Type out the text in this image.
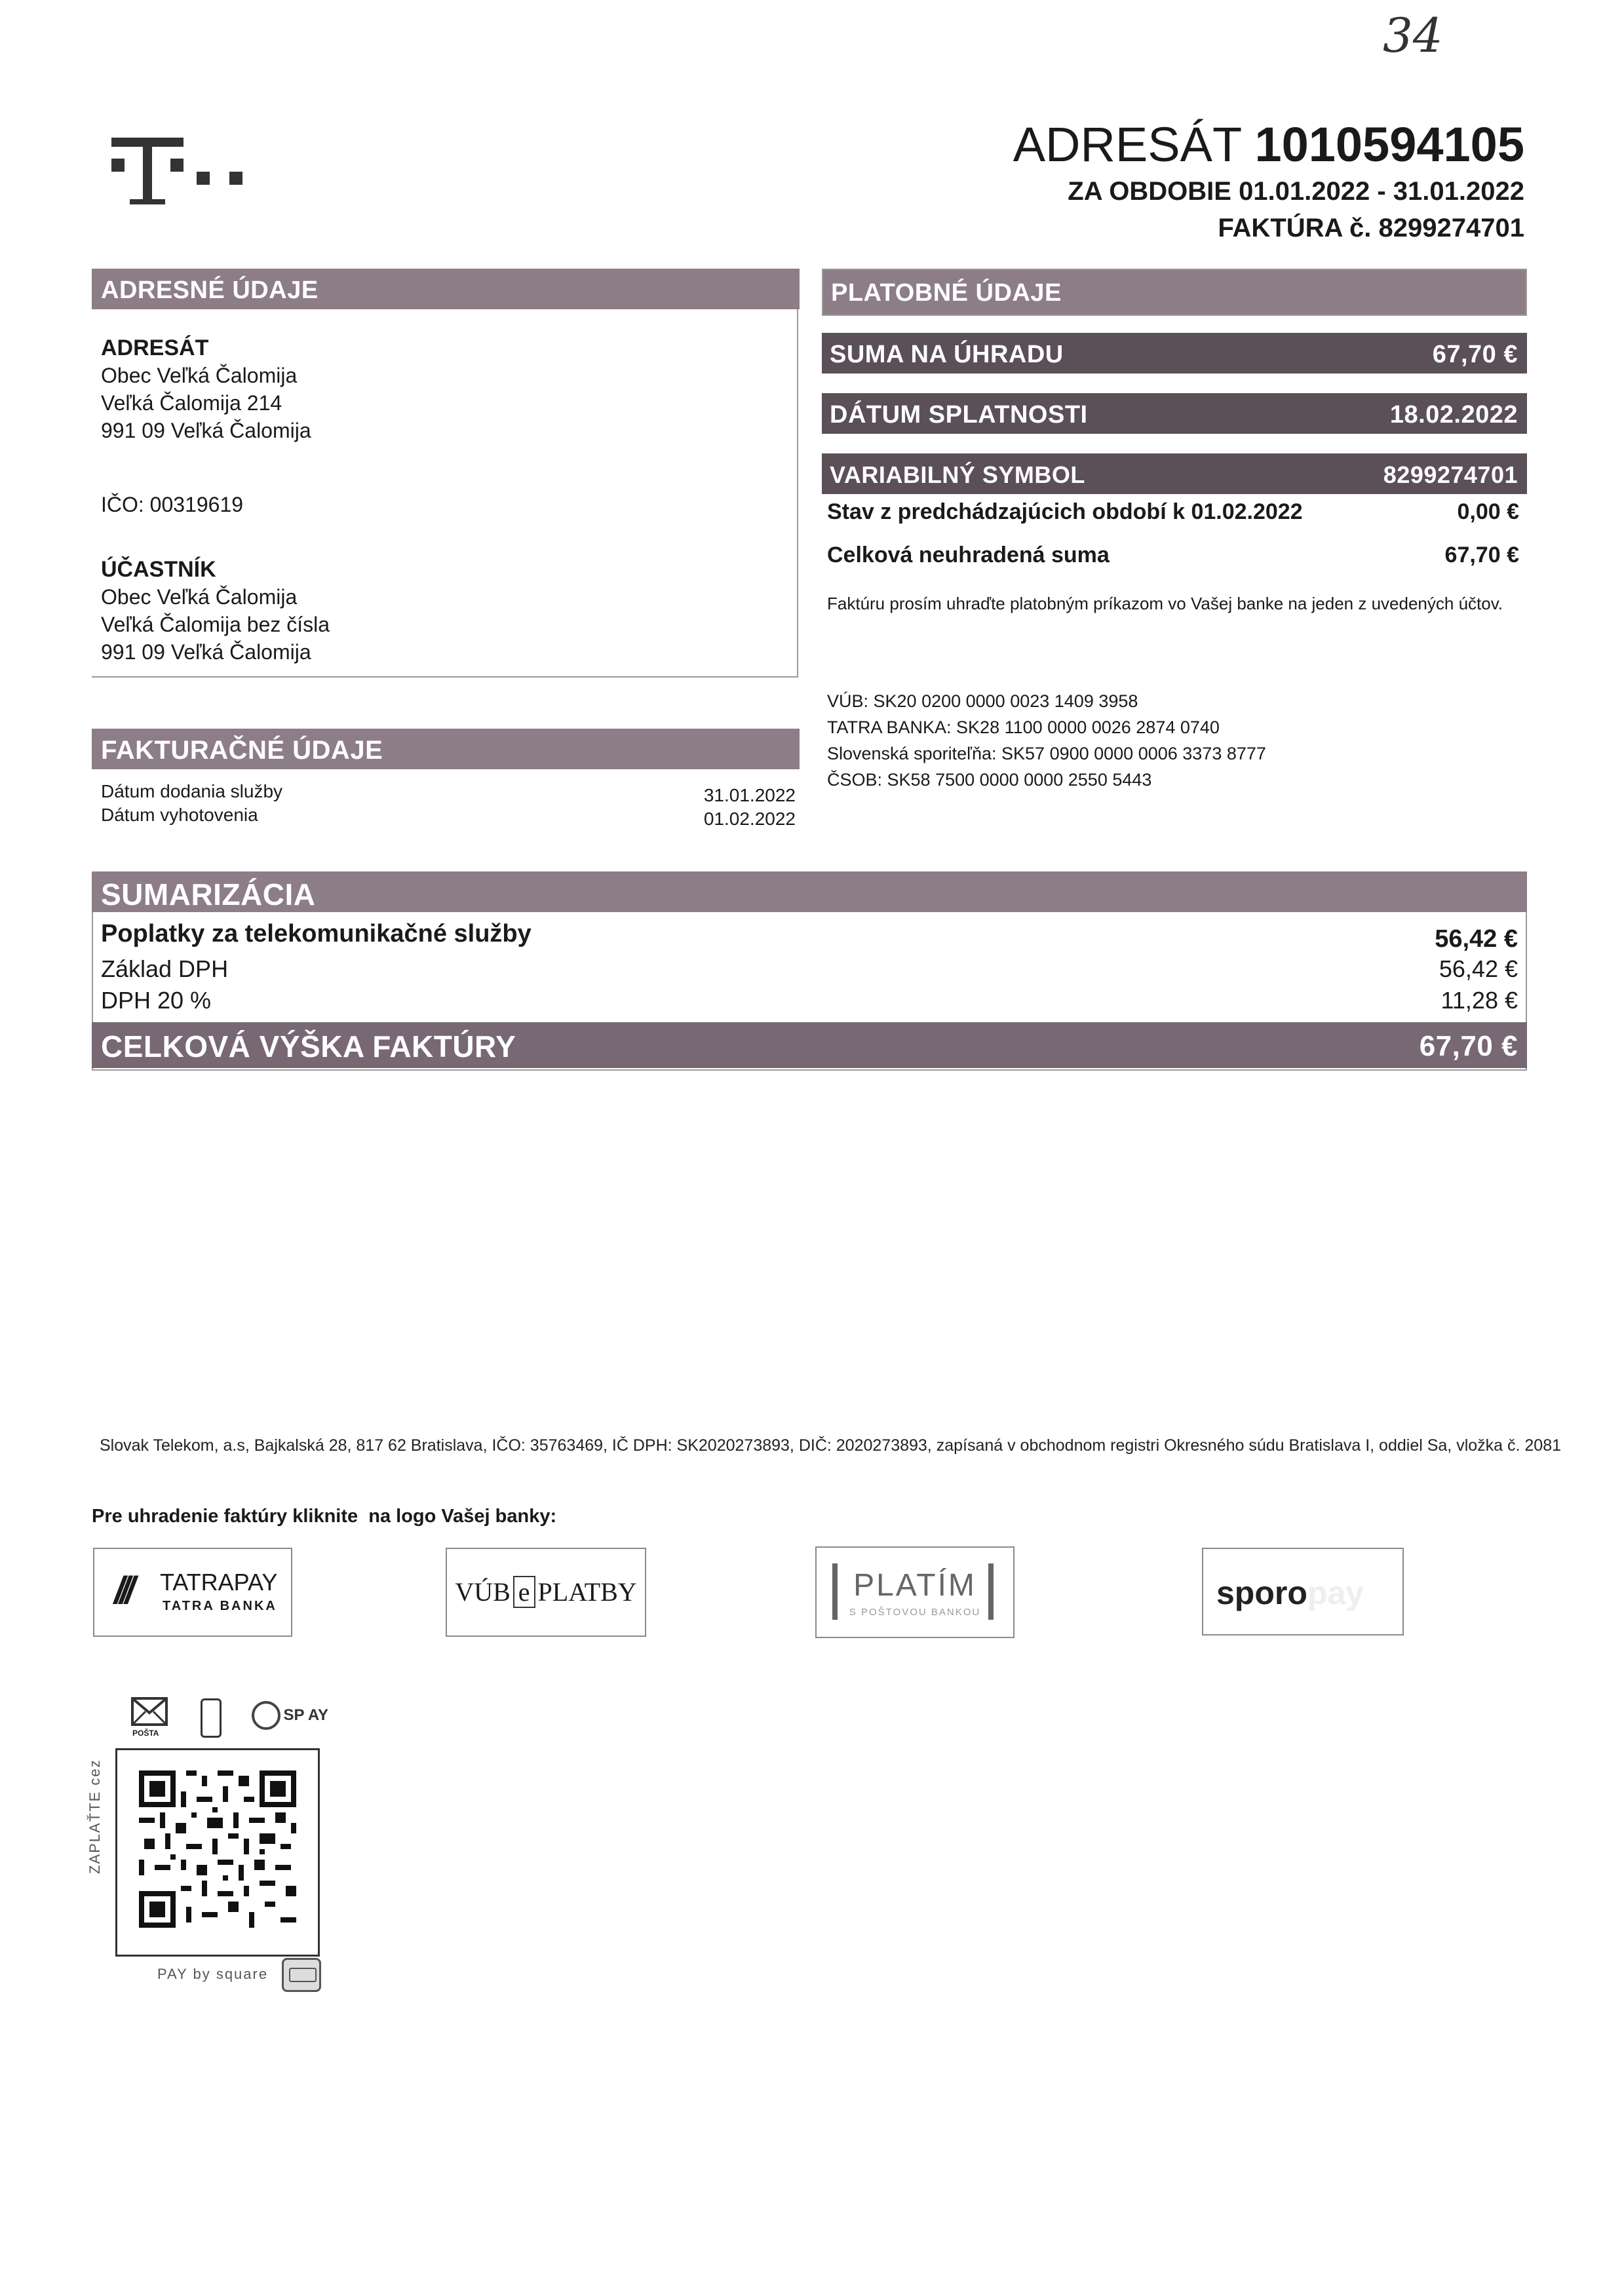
34
ADRESÁT 1010594105
ZA OBDOBIE 01.01.2022 - 31.01.2022
FAKTÚRA č. 8299274701
ADRESNÉ ÚDAJE
ADRESÁT
Obec Veľká Čalomija
Veľká Čalomija 214
991 09 Veľká Čalomija
IČO: 00319619
ÚČASTNÍK
Obec Veľká Čalomija
Veľká Čalomija bez čísla
991 09 Veľká Čalomija
FAKTURAČNÉ ÚDAJE
Dátum dodania služby	31.01.2022
Dátum vyhotovenia	01.02.2022
PLATOBNÉ ÚDAJE
SUMA NA ÚHRADU	67,70 €
DÁTUM SPLATNOSTI	18.02.2022
VARIABILNÝ SYMBOL	8299274701
Stav z predchádzajúcich období k 01.02.2022	0,00 €
Celková neuhradená suma	67,70 €
Faktúru prosím uhraďte platobným príkazom vo Vašej banke na jeden z uvedených účtov.
VÚB: SK20 0200 0000 0023 1409 3958
TATRA BANKA: SK28 1100 0000 0026 2874 0740
Slovenská sporiteľňa: SK57 0900 0000 0006 3373 8777
ČSOB: SK58 7500 0000 0000 2550 5443
SUMARIZÁCIA
Poplatky za telekomunikačné služby	56,42 €
Základ DPH	56,42 €
DPH 20 %	11,28 €
CELKOVÁ VÝŠKA FAKTÚRY	67,70 €
Slovak Telekom, a.s, Bajkalská 28, 817 62 Bratislava, IČO: 35763469, IČ DPH: SK2020273893, DIČ: 2020273893, zapísaná v obchodnom registri Okresného súdu Bratislava I, oddiel Sa, vložka č. 2081
Pre uhradenie faktúry kliknite  na logo Vašej banky:
/// TATRAPAY
TATRA BANKA	VÚB e PLATBY	PLATÍM
S POŠTOVOU BANKOU
sporopay
POŠTA
SP AY
ZAPLAŤTE cez
PAY by square
